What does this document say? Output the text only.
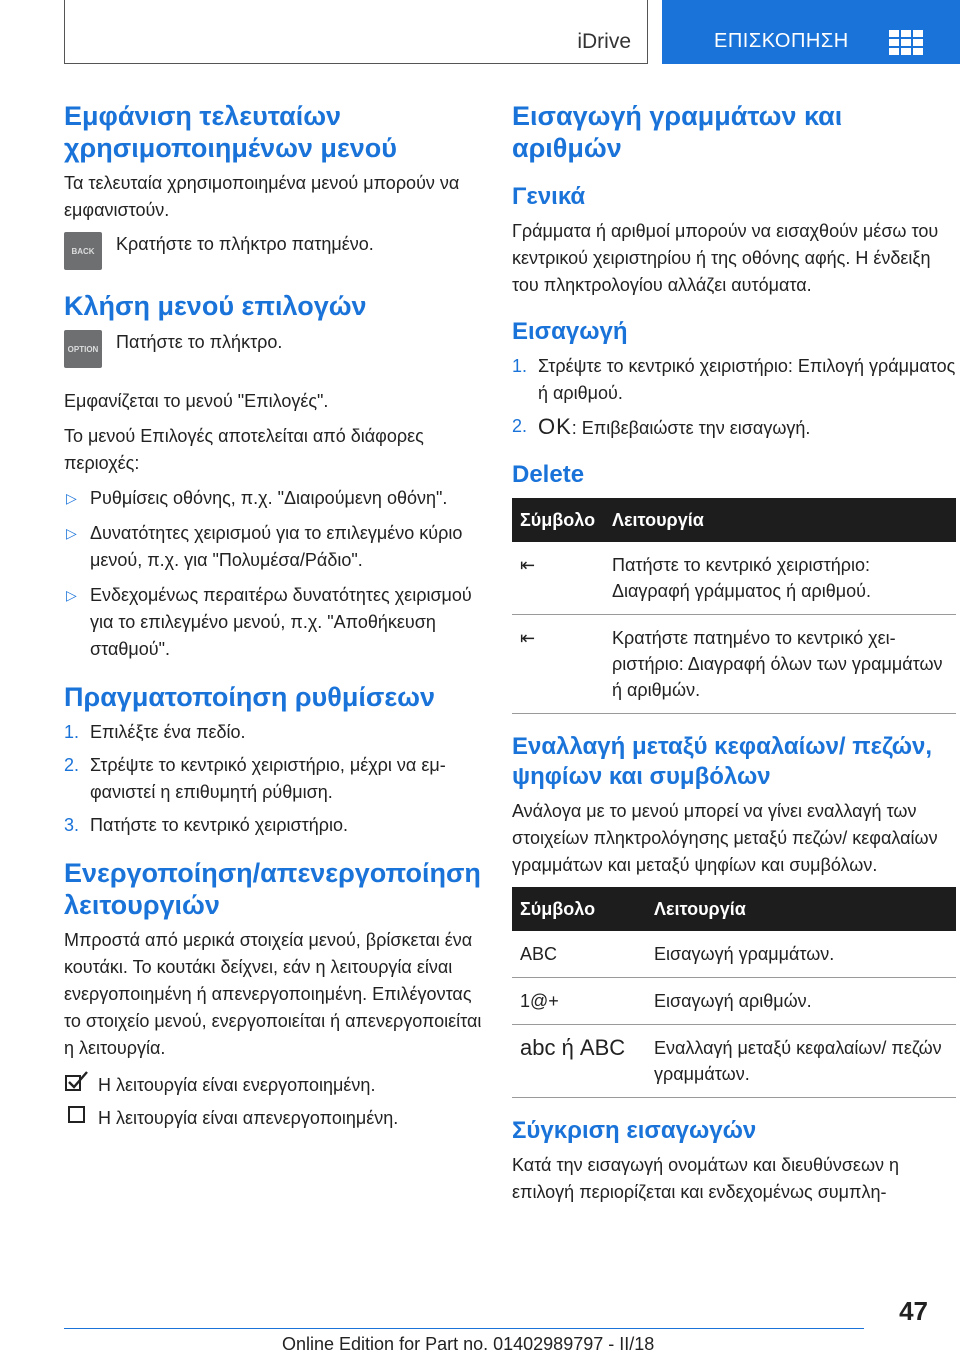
iDrive	ΕΠΙΣΚΟΠΗΣΗ
Εμφάνιση τελευταίων χρησιμοποιημένων μενού

Τα τελευταία χρησιμοποιημένα μενού μπορούν να εμφανιστούν.

BACK Κρατήστε το πλήκτρο πατημένο.
Κλήση μενού επιλογών
OPTION Πατήστε το πλήκτρο.

Εμφανίζεται το μενού "Επιλογές".

Το μενού Επιλογές αποτελείται από διάφορες περιοχές:

▷ Ρυθμίσεις οθόνης, π.χ. "Διαιρούμενη οθόνη".
▷ Δυνατότητες χειρισμού για το επιλεγμένο κύριο μενού, π.χ. για "Πολυμέσα/Ράδιο".
▷ Ενδεχομένως περαιτέρω δυνατότητες χειρισμού για το επιλεγμένο μενού, π.χ. "Αποθήκευση σταθμού".
Πραγματοποίηση ρυθμίσεων
1. Επιλέξτε ένα πεδίο.
2. Στρέψτε το κεντρικό χειριστήριο, μέχρι να εμφανιστεί η επιθυμητή ρύθμιση.
3. Πατήστε το κεντρικό χειριστήριο.
Ενεργοποίηση/απενεργοποίηση λειτουργιών

Μπροστά από μερικά στοιχεία μενού, βρίσκεται ένα κουτάκι. Το κουτάκι δείχνει, εάν η λειτουργία είναι ενεργοποιημένη ή απενεργοποιημένη. Επιλέγοντας το στοιχείο μενού, ενεργοποιείται ή απενεργοποιείται η λειτουργία.

Η λειτουργία είναι ενεργοποιημένη.
Η λειτουργία είναι απενεργοποιημένη.
Εισαγωγή γραμμάτων και αριθμών
Γενικά

Γράμματα ή αριθμοί μπορούν να εισαχθούν μέσω του κεντρικού χειριστηρίου ή της οθόνης αφής. Η ένδειξη του πληκτρολογίου αλλάζει αυτόματα.

Εισαγωγή
1. Στρέψτε το κεντρικό χειριστήριο: Επιλογή γράμματος ή αριθμού.
2. OK: Επιβεβαιώστε την εισαγωγή.
Delete
Σύμβολο	Λειτουργία
⇤	Πατήστε το κεντρικό χειριστήριο: Διαγραφή γράμματος ή αριθμού.
⇤	Κρατήστε πατημένο το κεντρικό χειριστήριο: Διαγραφή όλων των γραμμάτων ή αριθμών.
Εναλλαγή μεταξύ κεφαλαίων/ πεζών, ψηφίων και συμβόλων

Ανάλογα με το μενού μπορεί να γίνει εναλλαγή των στοιχείων πληκτρολόγησης μεταξύ πεζών/ κεφαλαίων γραμμάτων και μεταξύ ψηφίων και συμβόλων.

Σύμβολο	Λειτουργία
ABC	Εισαγωγή γραμμάτων.
1@+	Εισαγωγή αριθμών.
abc ή ABC	Εναλλαγή μεταξύ κεφαλαίων/ πεζών γραμμάτων.
Σύγκριση εισαγωγών

Κατά την εισαγωγή ονομάτων και διευθύνσεων η επιλογή περιορίζεται και ενδεχομένως συμπλη-

47
Online Edition for Part no. 01402989797 - II/18
